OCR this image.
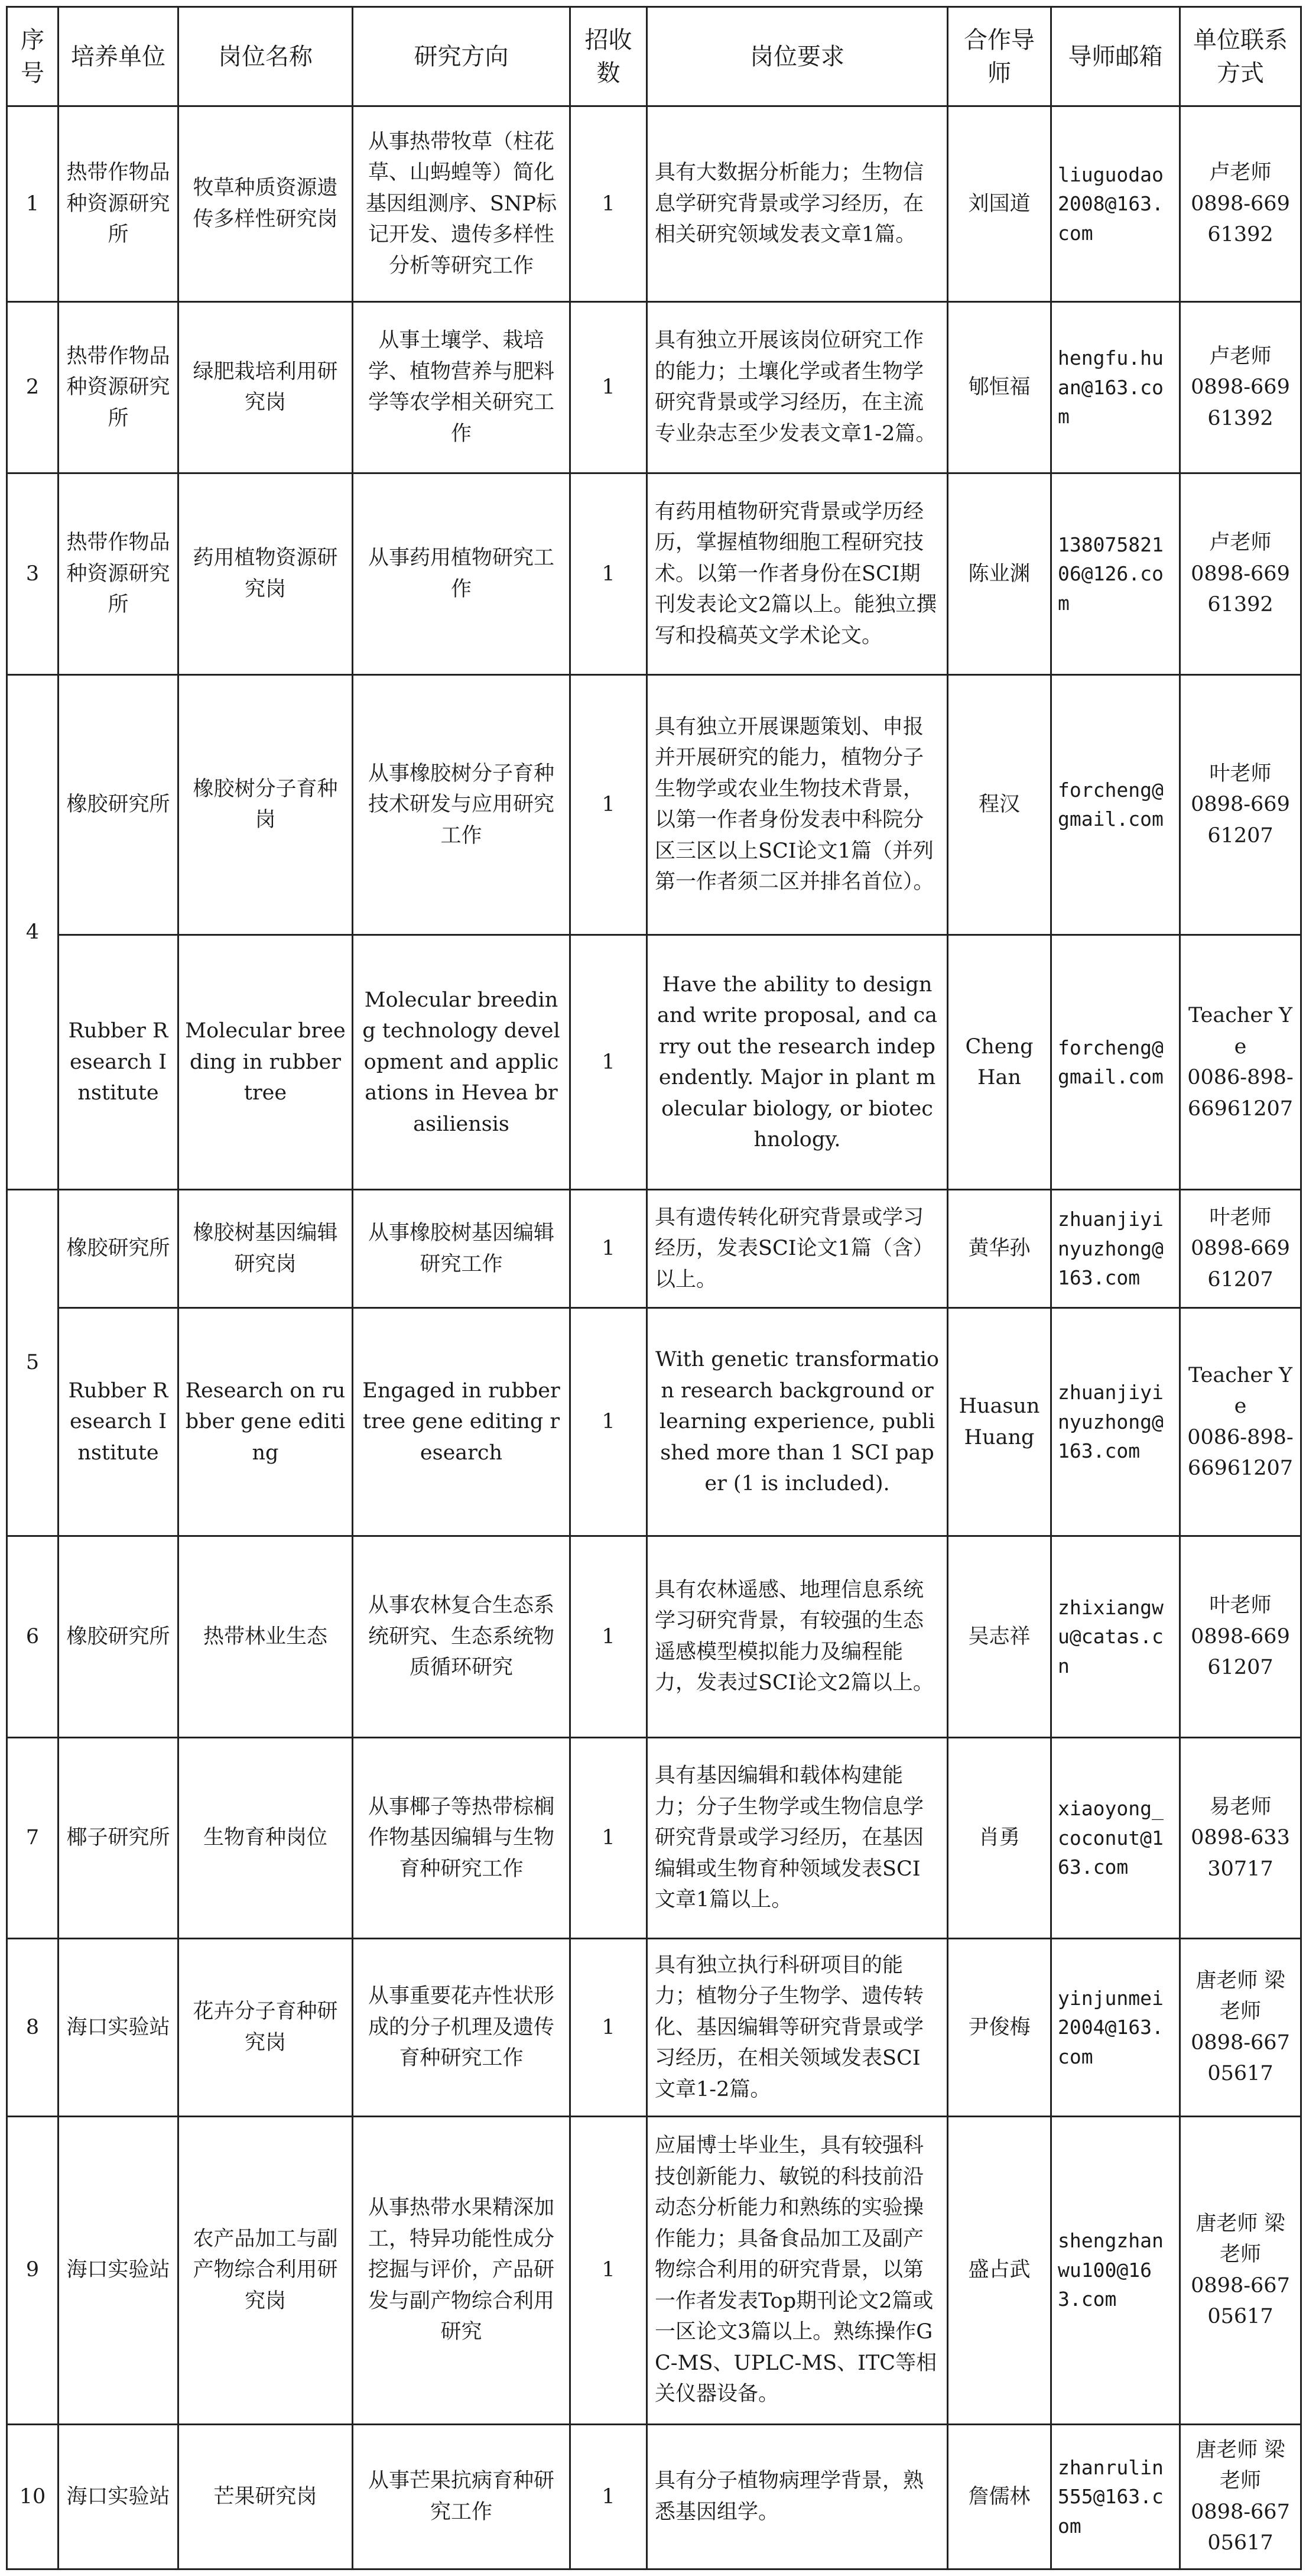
序号	培养单位	岗位名称	研究方向	招收数	岗位要求	合作导师	导师邮箱	单位联系方式
1	热带作物品种资源研究所	牧草种质资源遗传多样性研究岗	从事热带牧草（柱花草、山蚂蝗等）简化基因组测序、SNP标记开发、遗传多样性分析等研究工作	1	具有大数据分析能力；生物信息学研究背景或学习经历，在相关研究领域发表文章1篇。	刘国道	liuguodao2008@163.com	卢老师
0898-66961392

2	热带作物品种资源研究所	绿肥栽培利用研究岗	从事土壤学、栽培学、植物营养与肥料学等农学相关研究工作	1	具有独立开展该岗位研究工作的能力；土壤化学或者生物学研究背景或学习经历，在主流专业杂志至少发表文章1-2篇。	郇恒福	hengfu.huan@163.com	卢老师
0898-66961392

3	热带作物品种资源研究所	药用植物资源研究岗	从事药用植物研究工作	1	有药用植物研究背景或学历经历，掌握植物细胞工程研究技术。以第一作者身份在SCI期刊发表论文2篇以上。能独立撰写和投稿英文学术论文。	陈业渊	13807582106@126.com	卢老师
0898-66961392

4	橡胶研究所	橡胶树分子育种岗	从事橡胶树分子育种技术研发与应用研究工作	1	具有独立开展课题策划、申报并开展研究的能力，植物分子生物学或农业生物技术背景，以第一作者身份发表中科院分区三区以上SCI论文1篇（并列第一作者须二区并排名首位）。	程汉	forcheng@gmail.com	叶老师
0898-66961207

	Rubber Research Institute	Molecular breeding in rubber tree	Molecular breeding technology development and applications in Hevea brasiliensis	1	Have the ability to design and write proposal, and carry out the research independently. Major in plant molecular biology, or biotechnology.	Cheng Han	forcheng@gmail.com	Teacher Ye
0086-898-66961207

5	橡胶研究所	橡胶树基因编辑研究岗	从事橡胶树基因编辑研究工作	1	具有遗传转化研究背景或学习经历，发表SCI论文1篇（含）以上。	黄华孙	zhuanjiyinyuzhong@163.com	叶老师
0898-66961207

	Rubber Research Institute	Research on rubber gene editing	Engaged in rubber tree gene editing research	1	With genetic transformation research background or learning experience, published more than 1 SCI paper (1 is included).	Huasun Huang	zhuanjiyinyuzhong@163.com	Teacher Ye
0086-898-66961207

6	橡胶研究所	热带林业生态	从事农林复合生态系统研究、生态系统物质循环研究	1	具有农林遥感、地理信息系统学习研究背景，有较强的生态遥感模型模拟能力及编程能力，发表过SCI论文2篇以上。	吴志祥	zhixiangwu@catas.cn	叶老师
0898-66961207

7	椰子研究所	生物育种岗位	从事椰子等热带棕榈作物基因编辑与生物育种研究工作	1	具有基因编辑和载体构建能力；分子生物学或生物信息学研究背景或学习经历，在基因编辑或生物育种领域发表SCI文章1篇以上。	肖勇	xiaoyong_coconut@163.com	易老师
0898-63330717

8	海口实验站	花卉分子育种研究岗	从事重要花卉性状形成的分子机理及遗传育种研究工作	1	具有独立执行科研项目的能力；植物分子生物学、遗传转化、基因编辑等研究背景或学习经历，在相关领域发表SCI文章1-2篇。	尹俊梅	yinjunmei2004@163.com	唐老师 梁老师
0898-66705617

9	海口实验站	农产品加工与副产物综合利用研究岗	从事热带水果精深加工，特异功能性成分挖掘与评价，产品研发与副产物综合利用研究	1	应届博士毕业生，具有较强科技创新能力、敏锐的科技前沿动态分析能力和熟练的实验操作能力；具备食品加工及副产物综合利用的研究背景，以第一作者发表Top期刊论文2篇或一区论文3篇以上。熟练操作GC-MS、UPLC-MS、ITC等相关仪器设备。	盛占武	shengzhanwu100@163.com	唐老师 梁老师
0898-66705617

10	海口实验站	芒果研究岗	从事芒果抗病育种研究工作	1	具有分子植物病理学背景，熟悉基因组学。	詹儒林	zhanrulin555@163.com	唐老师 梁老师
0898-66705617
